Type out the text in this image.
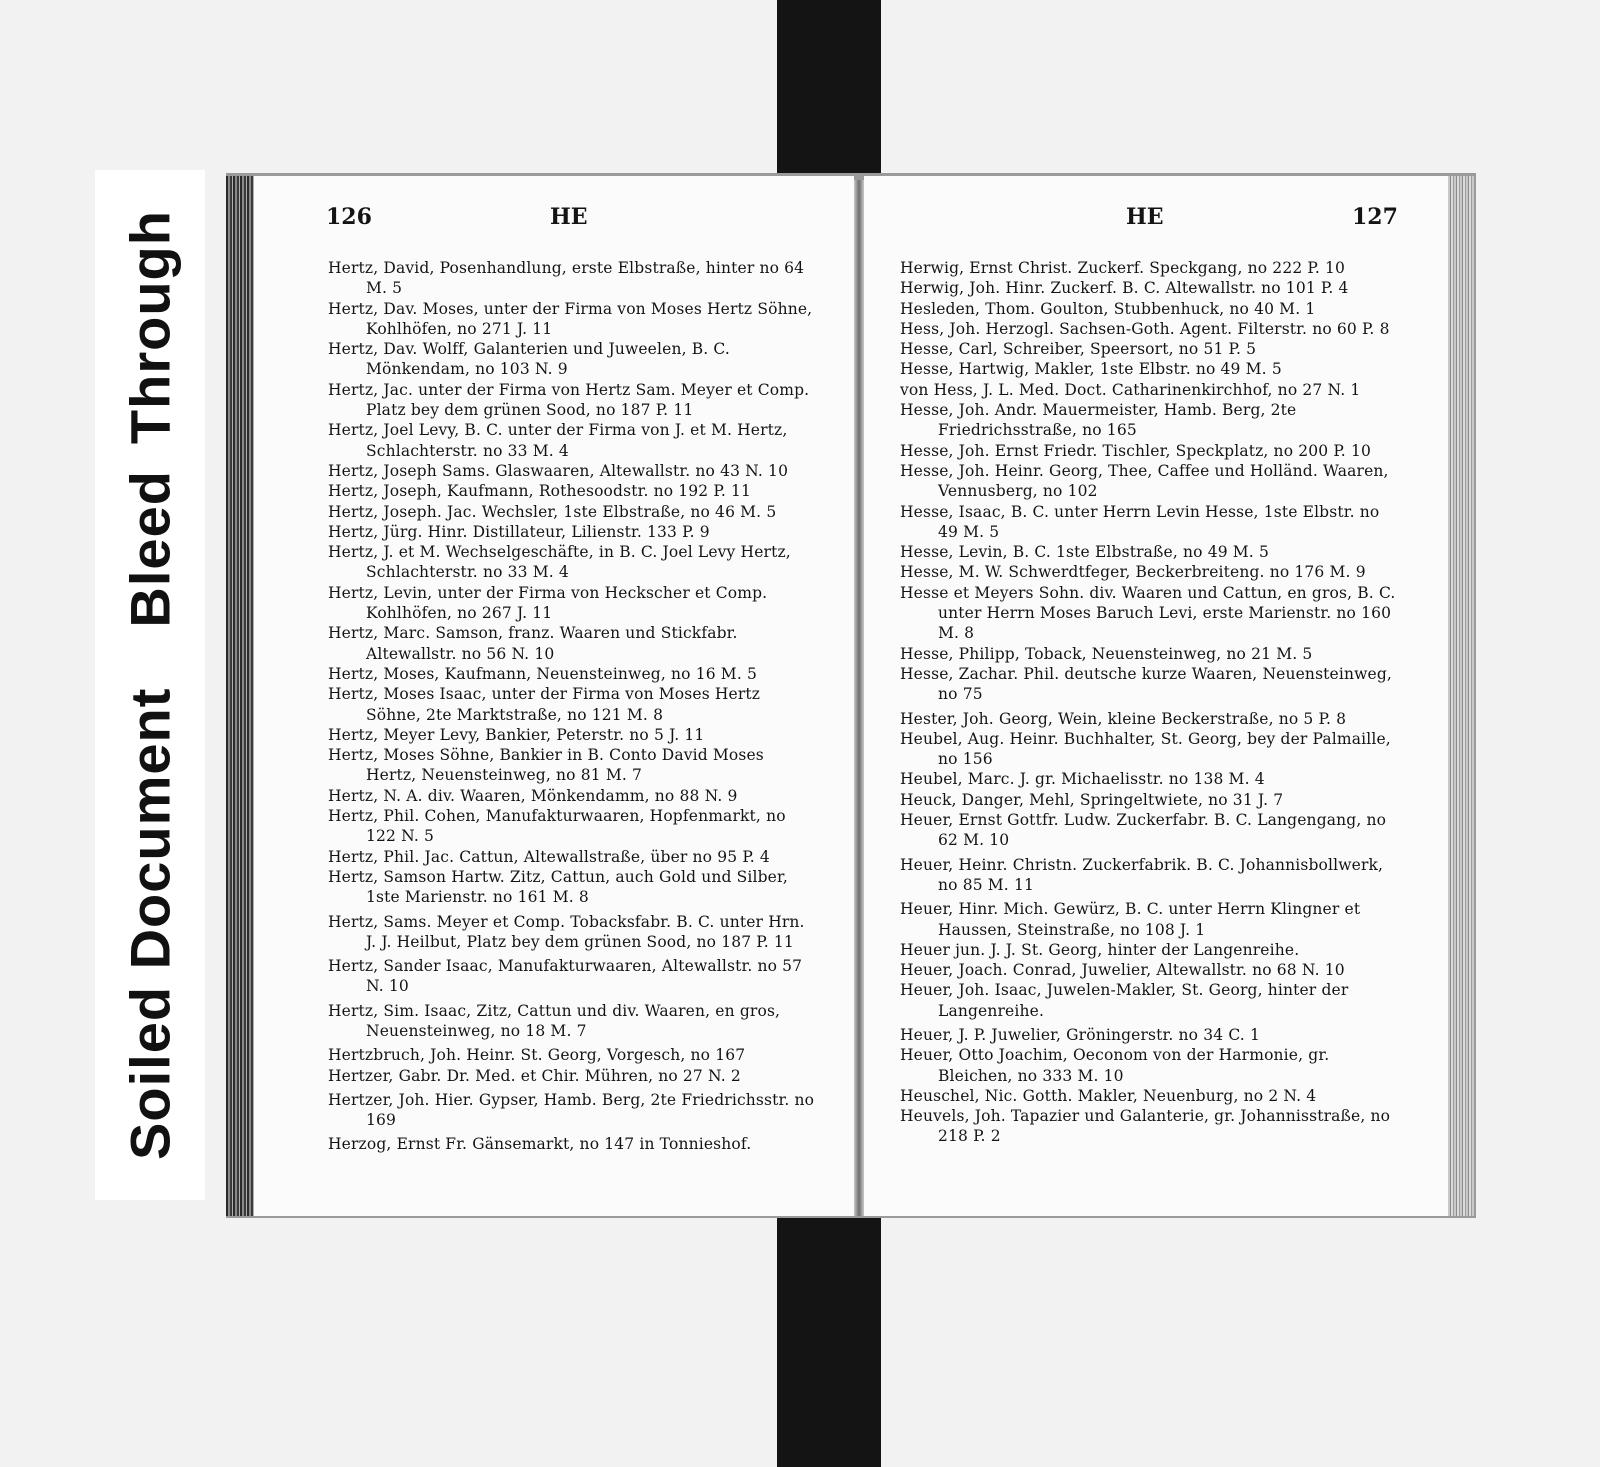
Soiled DocumentBleedThrough	126	HE
Hertz, David, Posenhandlung, erste Elbstraße, hinter no 64 M. 5
Hertz, Dav. Moses, unter der Firma von Moses Hertz Söhne, Kohlhöfen, no 271 J. 11
Hertz, Dav. Wolff, Galanterien und Juweelen, B. C. Mönkendam, no 103 N. 9
Hertz, Jac. unter der Firma von Hertz Sam. Meyer et Comp. Platz bey dem grünen Sood, no 187 P. 11
Hertz, Joel Levy, B. C. unter der Firma von J. et M. Hertz, Schlachterstr. no 33 M. 4
Hertz, Joseph Sams. Glaswaaren, Altewallstr. no 43 N. 10
Hertz, Joseph, Kaufmann, Rothesoodstr. no 192 P. 11
Hertz, Joseph. Jac. Wechsler, 1ste Elbstraße, no 46 M. 5
Hertz, Jürg. Hinr. Distillateur, Lilienstr. 133 P. 9
Hertz, J. et M. Wechselgeschäfte, in B. C. Joel Levy Hertz, Schlachterstr. no 33 M. 4
Hertz, Levin, unter der Firma von Heckscher et Comp. Kohlhöfen, no 267 J. 11
Hertz, Marc. Samson, franz. Waaren und Stickfabr. Altewallstr. no 56 N. 10
Hertz, Moses, Kaufmann, Neuensteinweg, no 16 M. 5
Hertz, Moses Isaac, unter der Firma von Moses Hertz Söhne, 2te Marktstraße, no 121 M. 8
Hertz, Meyer Levy, Bankier, Peterstr. no 5 J. 11
Hertz, Moses Söhne, Bankier in B. Conto David Moses Hertz, Neuensteinweg, no 81 M. 7
Hertz, N. A. div. Waaren, Mönkendamm, no 88 N. 9
Hertz, Phil. Cohen, Manufakturwaaren, Hopfenmarkt, no 122 N. 5
Hertz, Phil. Jac. Cattun, Altewallstraße, über no 95 P. 4
Hertz, Samson Hartw. Zitz, Cattun, auch Gold und Silber, 1ste Marienstr. no 161 M. 8
Hertz, Sams. Meyer et Comp. Tobacksfabr. B. C. unter Hrn. J. J. Heilbut, Platz bey dem grünen Sood, no 187 P. 11
Hertz, Sander Isaac, Manufakturwaaren, Altewallstr. no 57 N. 10
Hertz, Sim. Isaac, Zitz, Cattun und div. Waaren, en gros, Neuensteinweg, no 18 M. 7
Hertzbruch, Joh. Heinr. St. Georg, Vorgesch, no 167
Hertzer, Gabr. Dr. Med. et Chir. Mühren, no 27 N. 2
Hertzer, Joh. Hier. Gypser, Hamb. Berg, 2te Friedrichsstr. no 169
Herzog, Ernst Fr. Gänsemarkt, no 147 in Tonnieshof.
HE	127
Herwig, Ernst Christ. Zuckerf. Speckgang, no 222 P. 10
Herwig, Joh. Hinr. Zuckerf. B. C. Altewallstr. no 101 P. 4
Hesleden, Thom. Goulton, Stubbenhuck, no 40 M. 1
Hess, Joh. Herzogl. Sachsen-Goth. Agent. Filterstr. no 60 P. 8
Hesse, Carl, Schreiber, Speersort, no 51 P. 5
Hesse, Hartwig, Makler, 1ste Elbstr. no 49 M. 5
von Hess, J. L. Med. Doct. Catharinenkirchhof, no 27 N. 1
Hesse, Joh. Andr. Mauermeister, Hamb. Berg, 2te Friedrichsstraße, no 165
Hesse, Joh. Ernst Friedr. Tischler, Speckplatz, no 200 P. 10
Hesse, Joh. Heinr. Georg, Thee, Caffee und Holländ. Waaren, Vennusberg, no 102
Hesse, Isaac, B. C. unter Herrn Levin Hesse, 1ste Elbstr. no 49 M. 5
Hesse, Levin, B. C. 1ste Elbstraße, no 49 M. 5
Hesse, M. W. Schwerdtfeger, Beckerbreiteng. no 176 M. 9
Hesse et Meyers Sohn. div. Waaren und Cattun, en gros, B. C. unter Herrn Moses Baruch Levi, erste Marienstr. no 160 M. 8
Hesse, Philipp, Toback, Neuensteinweg, no 21 M. 5
Hesse, Zachar. Phil. deutsche kurze Waaren, Neuensteinweg, no 75
Hester, Joh. Georg, Wein, kleine Beckerstraße, no 5 P. 8
Heubel, Aug. Heinr. Buchhalter, St. Georg, bey der Palmaille, no 156
Heubel, Marc. J. gr. Michaelisstr. no 138 M. 4
Heuck, Danger, Mehl, Springeltwiete, no 31 J. 7
Heuer, Ernst Gottfr. Ludw. Zuckerfabr. B. C. Langengang, no 62 M. 10
Heuer, Heinr. Christn. Zuckerfabrik. B. C. Johannisbollwerk, no 85 M. 11
Heuer, Hinr. Mich. Gewürz, B. C. unter Herrn Klingner et Haussen, Steinstraße, no 108 J. 1
Heuer jun. J. J. St. Georg, hinter der Langenreihe.
Heuer, Joach. Conrad, Juwelier, Altewallstr. no 68 N. 10
Heuer, Joh. Isaac, Juwelen-Makler, St. Georg, hinter der Langenreihe.
Heuer, J. P. Juwelier, Gröningerstr. no 34 C. 1
Heuer, Otto Joachim, Oeconom von der Harmonie, gr. Bleichen, no 333 M. 10
Heuschel, Nic. Gotth. Makler, Neuenburg, no 2 N. 4
Heuvels, Joh. Tapazier und Galanterie, gr. Johannisstraße, no 218 P. 2
